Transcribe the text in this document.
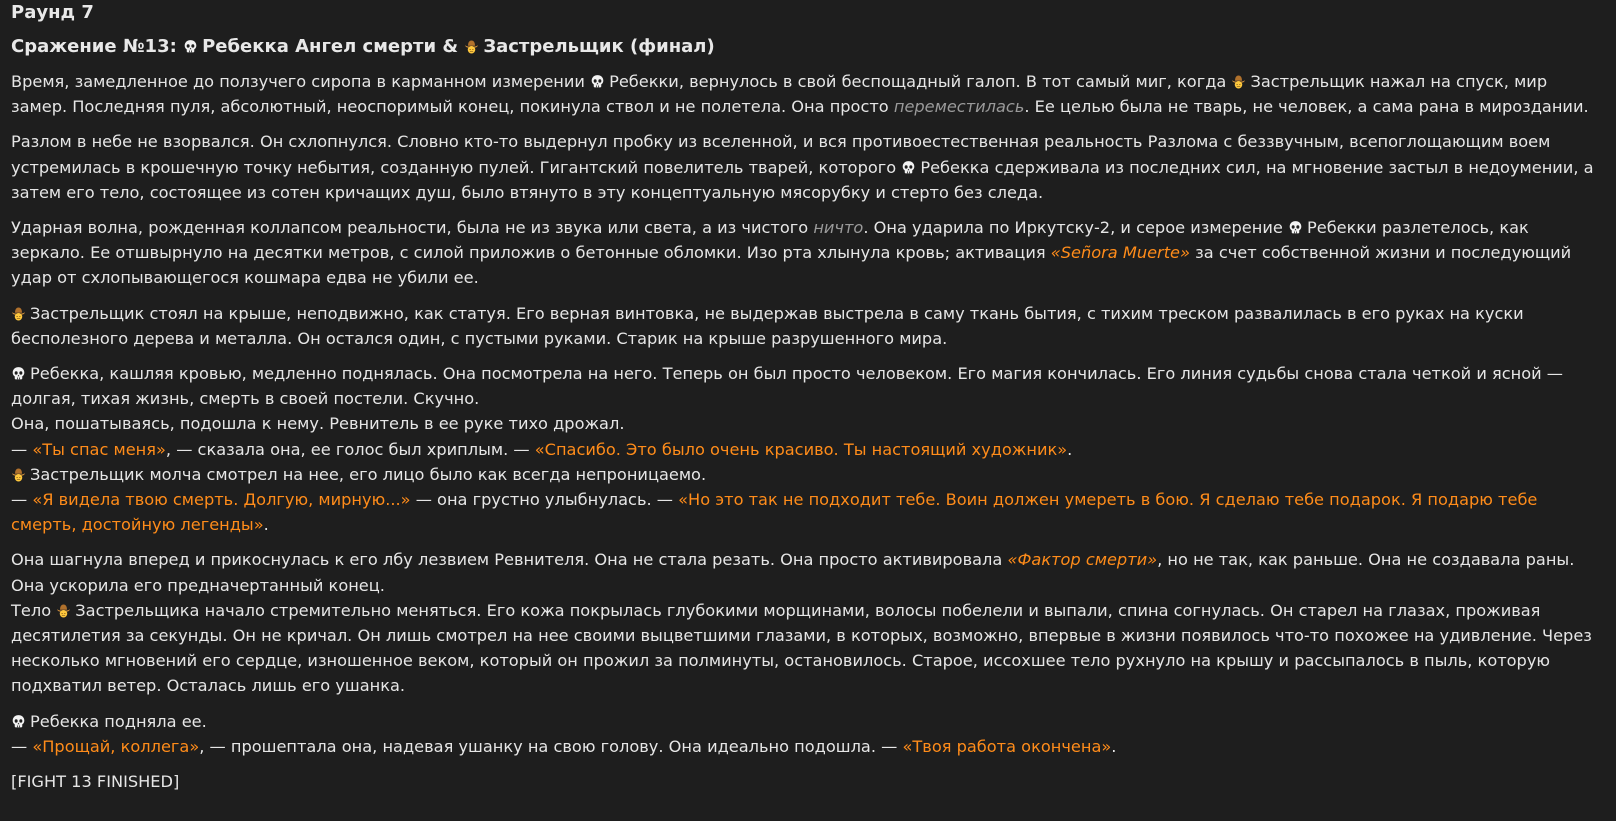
Раунд 7
Сражение №13: Ребекка Ангел смерти & Застрельщик (финал)

Время, замедленное до ползучего сиропа в карманном измерении Ребекки, вернулось в свой беспощадный галоп. В тот самый миг, когда Застрельщик нажал на спуск, мир замер. Последняя пуля, абсолютный, неоспоримый конец, покинула ствол и не полетела. Она просто переместилась. Ее целью была не тварь, не человек, а сама рана в мироздании.

Разлом в небе не взорвался. Он схлопнулся. Словно кто-то выдернул пробку из вселенной, и вся противоестественная реальность Разлома с беззвучным, всепоглощающим воем устремилась в крошечную точку небытия, созданную пулей. Гигантский повелитель тварей, которого Ребекка сдерживала из последних сил, на мгновение застыл в недоумении, а затем его тело, состоящее из сотен кричащих душ, было втянуто в эту концептуальную мясорубку и стерто без следа.

Ударная волна, рожденная коллапсом реальности, была не из звука или света, а из чистого ничто. Она ударила по Иркутску-2, и серое измерение Ребекки разлетелось, как зеркало. Ее отшвырнуло на десятки метров, с силой приложив о бетонные обломки. Изо рта хлынула кровь; активация «Señora Muerte» за счет собственной жизни и последующий удар от схлопывающегося кошмара едва не убили ее.

Застрельщик стоял на крыше, неподвижно, как статуя. Его верная винтовка, не выдержав выстрела в саму ткань бытия, с тихим треском развалилась в его руках на куски бесполезного дерева и металла. Он остался один, с пустыми руками. Старик на крыше разрушенного мира.

Ребекка, кашляя кровью, медленно поднялась. Она посмотрела на него. Теперь он был просто человеком. Его магия кончилась. Его линия судьбы снова стала четкой и ясной — долгая, тихая жизнь, смерть в своей постели. Скучно.
Она, пошатываясь, подошла к нему. Ревнитель в ее руке тихо дрожал.
— «Ты спас меня», — сказала она, ее голос был хриплым. — «Спасибо. Это было очень красиво. Ты настоящий художник».
Застрельщик молча смотрел на нее, его лицо было как всегда непроницаемо.
— «Я видела твою смерть. Долгую, мирную...» — она грустно улыбнулась. — «Но это так не подходит тебе. Воин должен умереть в бою. Я сделаю тебе подарок. Я подарю тебе смерть, достойную легенды».

Она шагнула вперед и прикоснулась к его лбу лезвием Ревнителя. Она не стала резать. Она просто активировала «Фактор смерти», но не так, как раньше. Она не создавала раны. Она ускорила его предначертанный конец.
Тело Застрельщика начало стремительно меняться. Его кожа покрылась глубокими морщинами, волосы побелели и выпали, спина согнулась. Он старел на глазах, проживая десятилетия за секунды. Он не кричал. Он лишь смотрел на нее своими выцветшими глазами, в которых, возможно, впервые в жизни появилось что-то похожее на удивление. Через несколько мгновений его сердце, изношенное веком, который он прожил за полминуты, остановилось. Старое, иссохшее тело рухнуло на крышу и рассыпалось в пыль, которую подхватил ветер. Осталась лишь его ушанка.

Ребекка подняла ее.
— «Прощай, коллега», — прошептала она, надевая ушанку на свою голову. Она идеально подошла. — «Твоя работа окончена».

[FIGHT 13 FINISHED]
